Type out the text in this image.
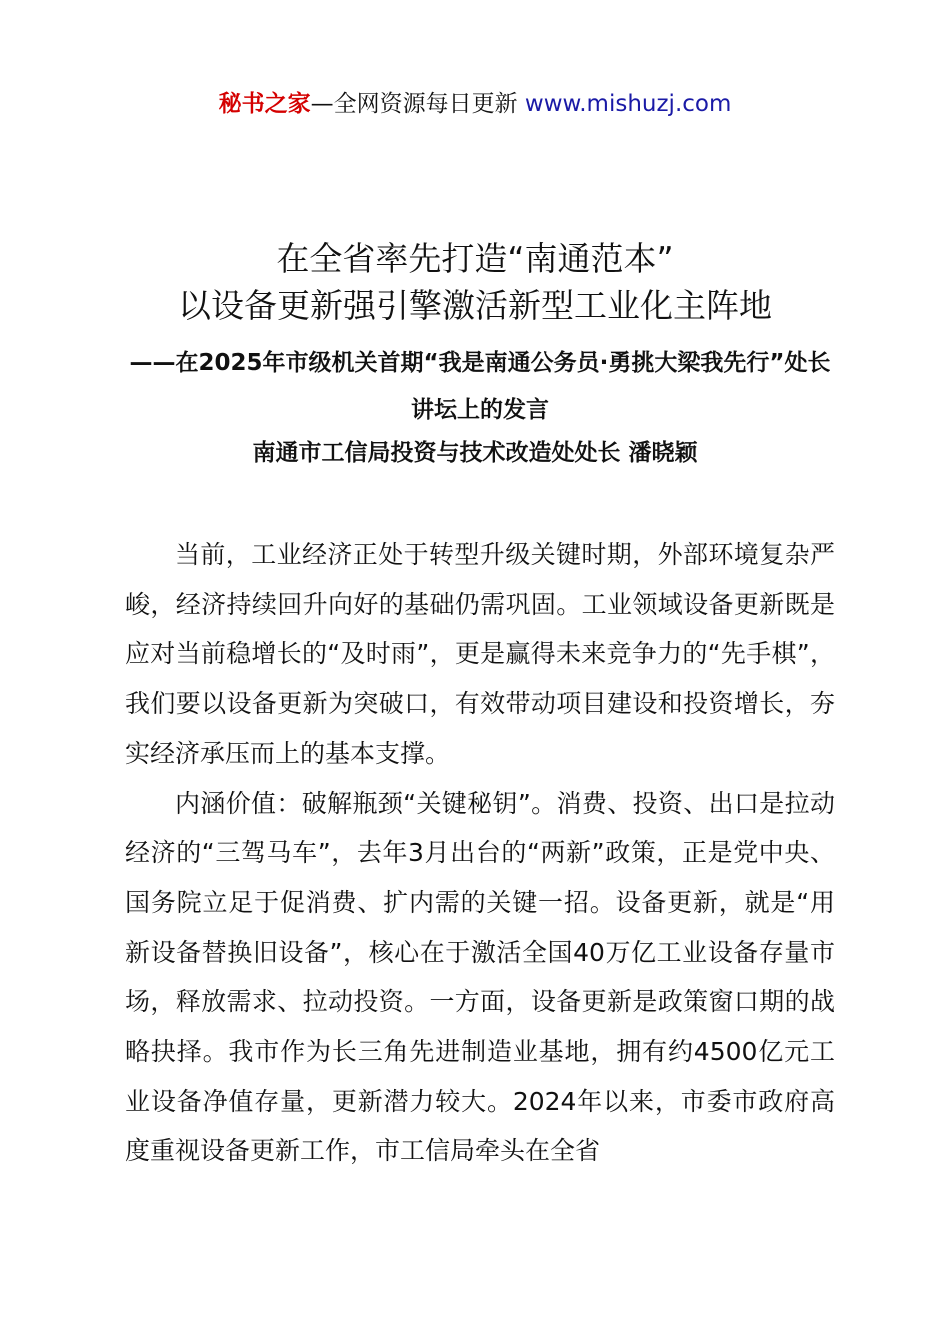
秘书之家—全网资源每日更新 www.mishuzj.com
在全省率先打造“南通范本”
以设备更新强引擎激活新型工业化主阵地
——在2025年市级机关首期“我是南通公务员·勇挑大梁我先行”处长讲坛上的发言
南通市工信局投资与技术改造处处长 潘晓颖

当前，工业经济正处于转型升级关键时期，外部环境复杂严峻，经济持续回升向好的基础仍需巩固。工业领域设备更新既是应对当前稳增长的“及时雨”，更是赢得未来竞争力的“先手棋”，我们要以设备更新为突破口，有效带动项目建设和投资增长，夯实经济承压而上的基本支撑。

内涵价值：破解瓶颈“关键秘钥”。消费、投资、出口是拉动经济的“三驾马车”，去年3月出台的“两新”政策，正是党中央、国务院立足于促消费、扩内需的关键一招。设备更新，就是“用新设备替换旧设备”，核心在于激活全国40万亿工业设备存量市场，释放需求、拉动投资。一方面，设备更新是政策窗口期的战略抉择。我市作为长三角先进制造业基地，拥有约4500亿元工业设备净值存量，更新潜力较大。2024年以来，市委市政府高度重视设备更新工作，市工信局牵头在全省
